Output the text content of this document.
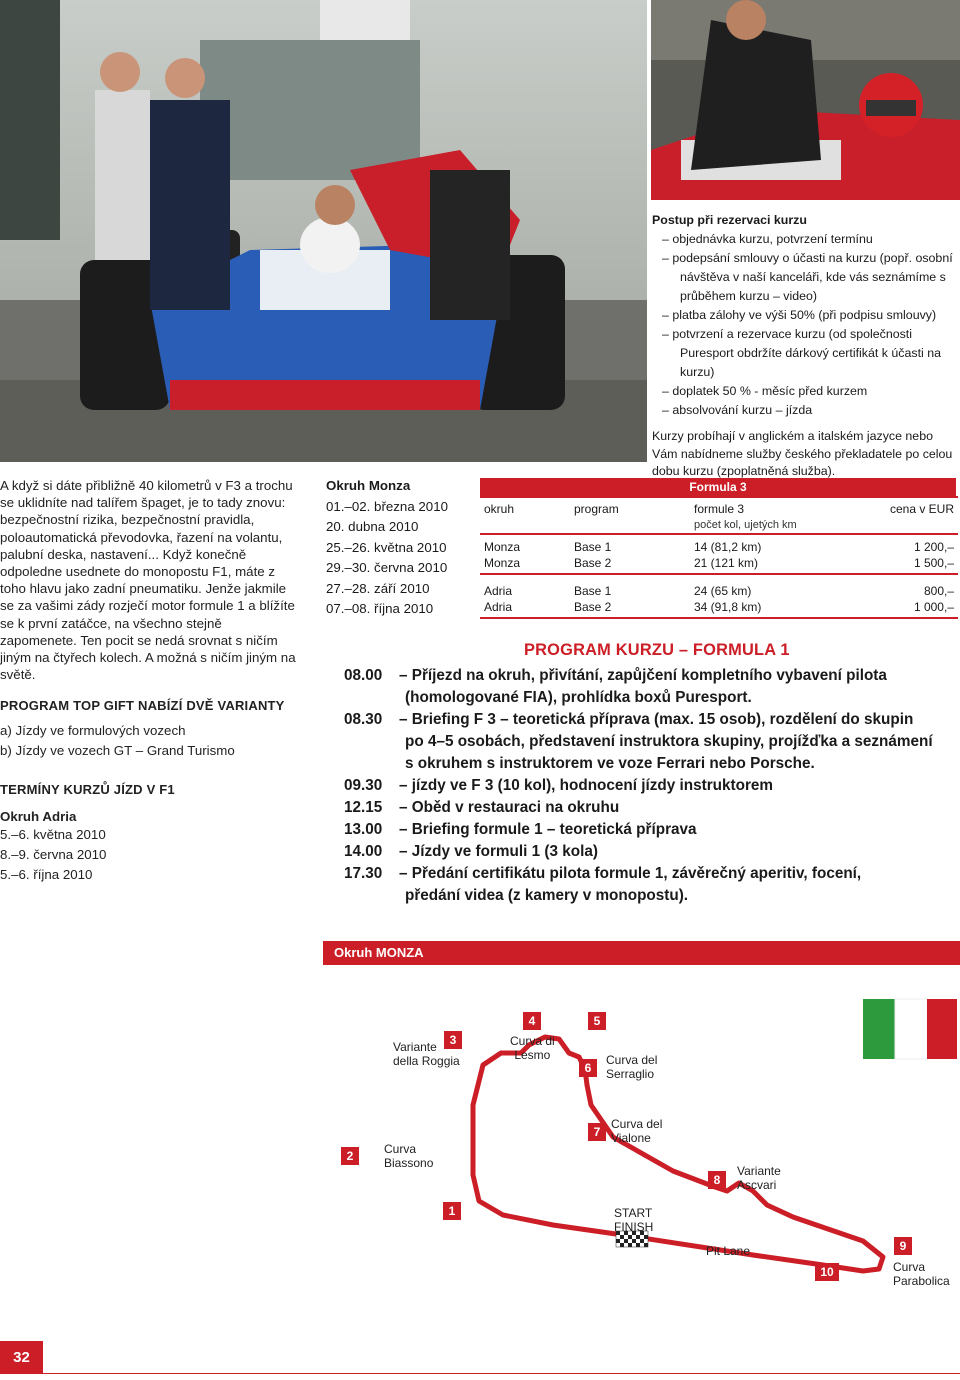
A když si dáte přibližně 40 kilometrů v F3 a trochu se uklidníte nad talířem špaget, je to tady znovu: bezpečnostní rizika, bezpečnostní pravidla, poloautomatická převodovka, řazení na volantu, palubní deska, nastavení... Když konečně odpoledne usednete do monopostu F1, máte z toho hlavu jako zadní pneumatiku. Jenže jakmile se za vašimi zády rozječí motor formule 1 a blížíte se k první zatáčce, na všechno stejně zapomenete. Ten pocit se nedá srovnat s ničím jiným na čtyřech kolech. A možná s ničím jiným na světě.

PROGRAM TOP GIFT NABÍZÍ DVĚ VARIANTY
a) Jízdy ve formulových vozech
b) Jízdy ve vozech GT – Grand Turismo
TERMÍNY KURZŮ JÍZD V F1
Okruh Adria
5.–6. května 2010
8.–9. června 2010
5.–6. října 2010
Okruh Monza
01.–02. března 2010
20. dubna 2010
25.–26. května 2010
29.–30. června 2010
27.–28. září 2010
07.–08. října 2010
Postup při rezervaci kurzu
– objednávka kurzu, potvrzení termínu
– podepsání smlouvy o účasti na kurzu (popř. osobní návštěva v naší kanceláři, kde vás seznámíme s průběhem kurzu – video)
– platba zálohy ve výši 50% (při podpisu smlouvy)
– potvrzení a rezervace kurzu (od společnosti Puresport obdržíte dárkový certifikát k účasti na kurzu)
– doplatek 50 % - měsíc před kurzem
– absolvování kurzu – jízda
Kurzy probíhají v anglickém a italském jazyce nebo Vám nabídneme služby českého překladatele po celou dobu kurzu (zpoplatněná služba).
Formula 3
okruh	program	formule 3	cena v EUR
		počet kol, ujetých km	

Monza	Base 1	14 (81,2 km)	1 200,–
Monza	Base 2	21 (121 km)	1 500,–

Adria	Base 1	24 (65 km)	800,–
Adria	Base 2	34 (91,8 km)	1 000,–
PROGRAM KURZU – FORMULA 1
08.00	– Příjezd na okruh, přivítání, zapůjčení kompletního vybavení pilota
(homologované FIA), prohlídka boxů Puresport.
08.30	– Briefing F 3 – teoretická příprava (max. 15 osob), rozdělení do skupin
po 4–5 osobách, představení instruktora skupiny, projížďka a seznámení s okruhem s instruktorem ve voze Ferrari nebo Porsche.
09.30	– jízdy ve F 3 (10 kol), hodnocení jízdy instruktorem
12.15	– Oběd v restauraci na okruhu
13.00	– Briefing formule 1 – teoretická příprava
14.00	– Jízdy ve formuli 1 (3 kola)
17.30	– Předání certifikátu pilota formule 1, závěrečný aperitiv, focení,
předání videa (z kamery v monopostu).
Okruh MONZA
1
2	Curva
Biassono
3
Variante
della Roggia
4
Curva di
Lesmo
5
6
Curva del
Serraglio
7
Curva del
Vialone
8
Variante
Ascvari
9
Curva
Parabolica
10
START
FINISH
Pit Lane
32
